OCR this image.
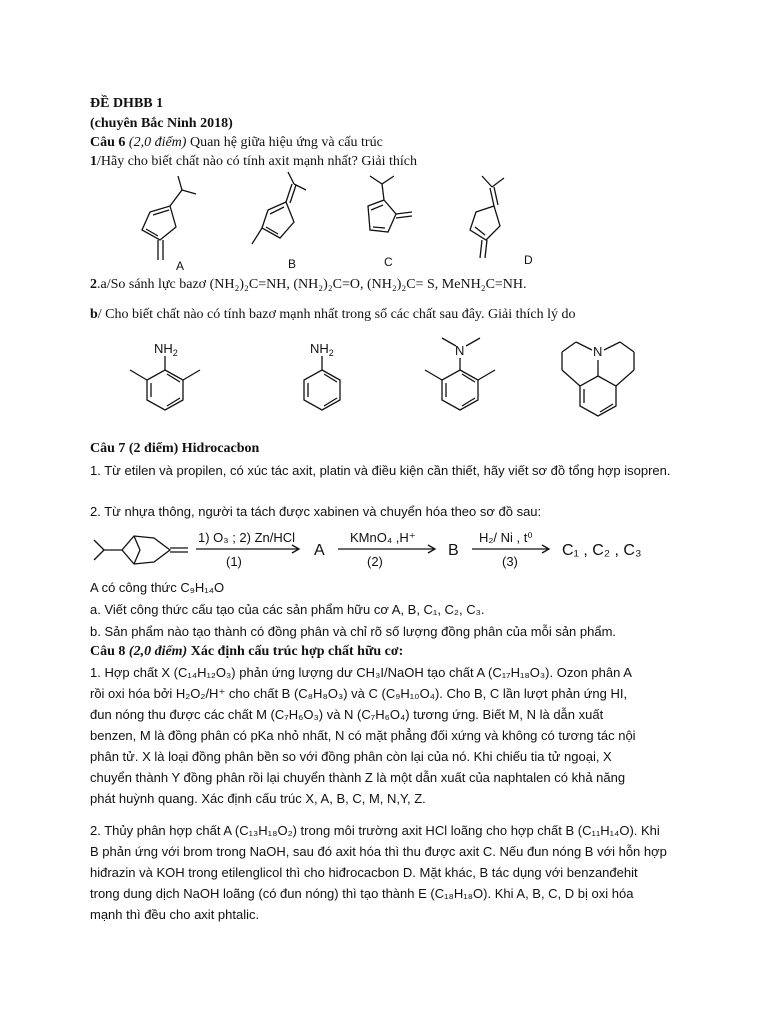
ĐỀ DHBB 1
(chuyên Bắc Ninh 2018)
Câu 6 (2,0 điểm) Quan hệ giữa hiệu ứng và cấu trúc
1/Hãy cho biết chất nào có tính axit mạnh nhất? Giải thích
A	B	C	D
2.a/So sánh lực bazơ (NH₂)₂C=NH, (NH₂)₂C=O, (NH₂)₂C= S, MeNH₂C=NH.
b/ Cho biết chất nào có tính bazơ mạnh nhất trong số các chất sau đây. Giải thích lý do
$NH_2$	$NH_2$	N	N
Câu 7 (2 điểm) Hidrocacbon
1. Từ etilen và propilen, có xúc tác axit, platin và điều kiện cần thiết, hãy viết sơ đồ tổng hợp isopren.
2. Từ nhựa thông, người ta tách được xabinen và chuyển hóa theo sơ đồ sau:
1) O₃ ; 2) Zn/HCl
(1)
A
KMnO₄ ,H⁺
(2)
B
H₂/ Ni , t⁰
(3)
C₁ , C₂ , C₃
A có công thức C₉H₁₄O
a. Viết công thức cấu tạo của các sản phẩm hữu cơ A, B, C₁, C₂, C₃.
b. Sản phẩm nào tạo thành có đồng phân và chỉ rõ số lượng đồng phân của mỗi sản phẩm.
Câu 8 (2,0 điểm) Xác định cấu trúc hợp chất hữu cơ:
1. Hợp chất X (C₁₄H₁₂O₃) phản ứng lượng dư CH₃I/NaOH tạo chất A (C₁₇H₁₈O₃). Ozon phân A
rồi oxi hóa bởi H₂O₂/H⁺ cho chất B (C₈H₈O₃) và C (C₉H₁₀O₄). Cho B, C lần lượt phản ứng HI,
đun nóng thu được các chất M (C₇H₆O₃) và N (C₇H₆O₄) tương ứng. Biết M, N là dẫn xuất
benzen, M là đồng phân có pKa nhỏ nhất, N có mặt phẳng đối xứng và không có tương tác nội
phân tử. X là loại đồng phân bền so với đồng phân còn lại của nó. Khi chiếu tia tử ngoại, X
chuyển thành Y đồng phân rồi lại chuyển thành Z là một dẫn xuất của naphtalen có khả năng
phát huỳnh quang. Xác định cấu trúc X, A, B, C, M, N,Y, Z.
2. Thủy phân hợp chất A (C₁₃H₁₈O₂) trong môi trường axit HCl loãng cho hợp chất B (C₁₁H₁₄O). Khi
B phản ứng với brom trong NaOH, sau đó axit hóa thì thu được axit C. Nếu đun nóng B với hỗn hợp
hiđrazin và KOH trong etilenglicol thì cho hiđrocacbon D. Mặt khác, B tác dụng với benzanđehit
trong dung dịch NaOH loãng (có đun nóng) thì tạo thành E (C₁₈H₁₈O). Khi A, B, C, D bị oxi hóa
mạnh thì đều cho axit phtalic.
